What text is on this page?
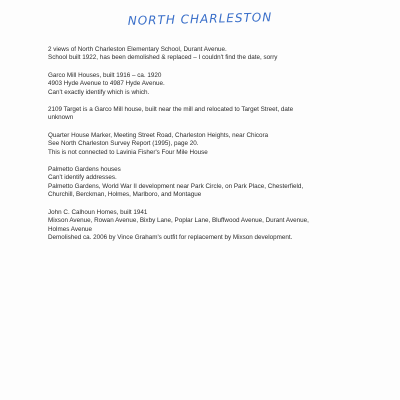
NORTH CHARLESTON
2 views of North Charleston Elementary School, Durant Avenue.
School built 1922, has been demolished & replaced – I couldn't find the date, sorry
Garco Mill Houses, built 1916 – ca. 1920
4903 Hyde Avenue to 4987 Hyde Avenue.
Can't exactly identify which is which.
2109 Target is a Garco Mill house, built near the mill and relocated to Target Street, date
unknown
Quarter House Marker, Meeting Street Road, Charleston Heights, near Chicora
See North Charleston Survey Report (1995), page 20.
This is not connected to Lavinia Fisher's Four Mile House
Palmetto Gardens houses
Can't identify addresses.
Palmetto Gardens, World War II development near Park Circle, on Park Place, Chesterfield,
Churchill, Berckman, Holmes, Marlboro, and Montague
John C. Calhoun Homes, built 1941
Mixson Avenue, Rowan Avenue, Bixby Lane, Poplar Lane, Bluffwood Avenue, Durant Avenue,
Holmes Avenue
Demolished ca. 2006 by Vince Graham's outfit for replacement by Mixson development.
